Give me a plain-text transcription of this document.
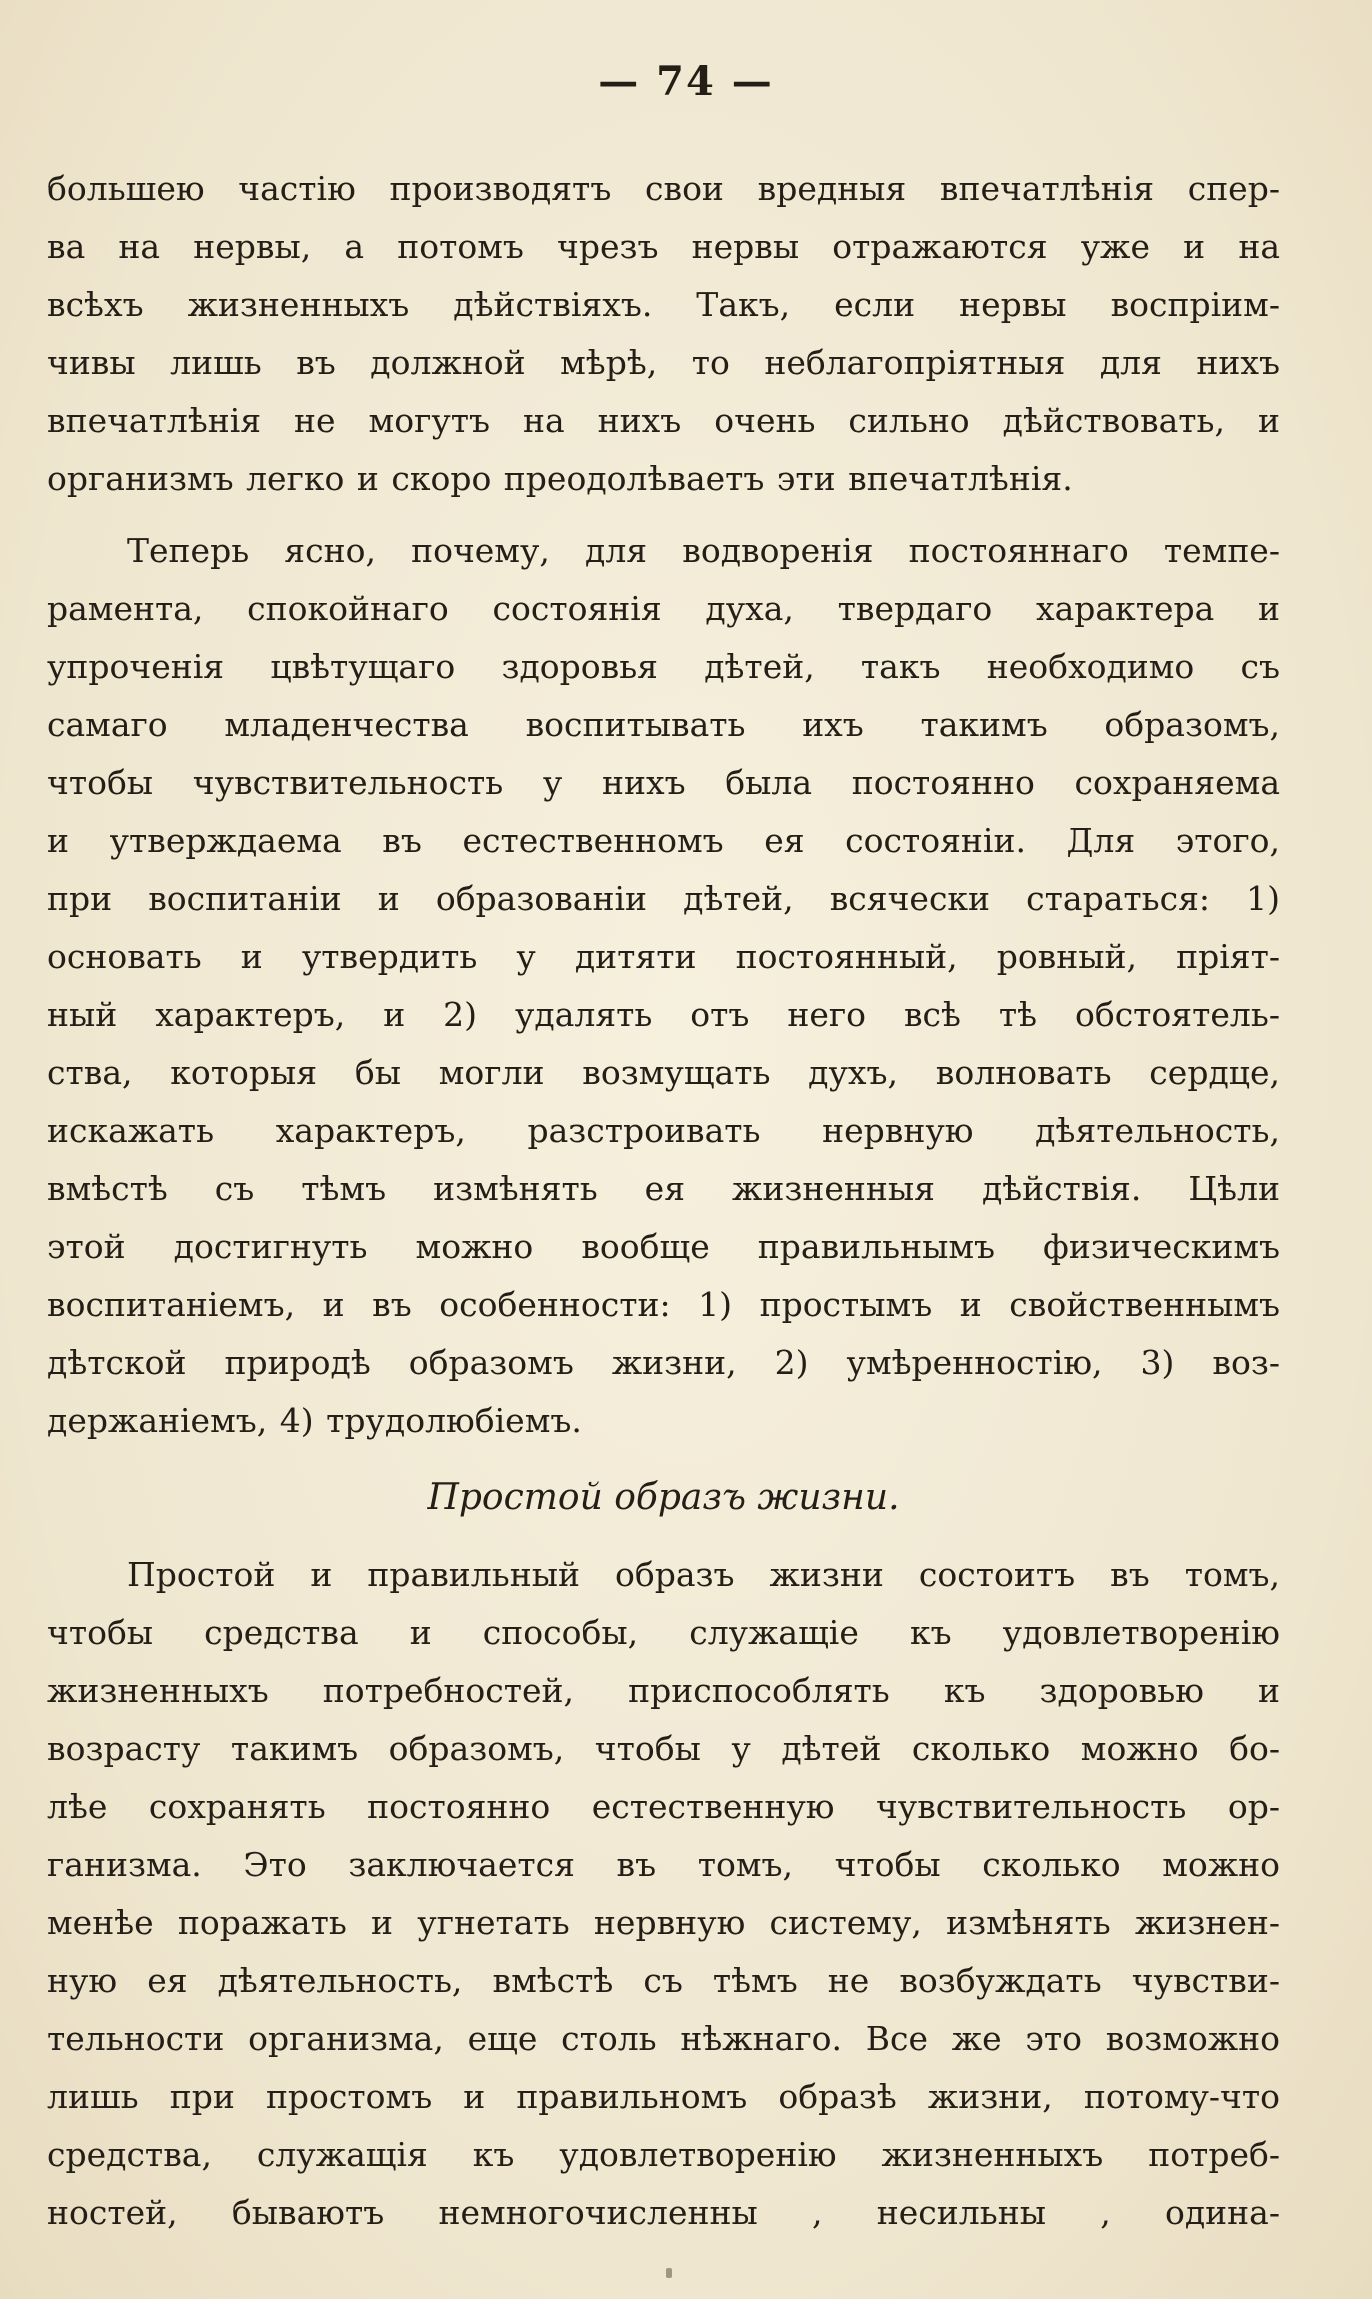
— 74 —
большею частію производятъ свои вредныя впечатлѣнія спер-
ва на нервы, а потомъ чрезъ нервы отражаются уже и на
всѣхъ жизненныхъ дѣйствіяхъ. Такъ, если нервы воспріим-
чивы лишь въ должной мѣрѣ, то неблагопріятныя для нихъ
впечатлѣнія не могутъ на нихъ очень сильно дѣйствовать, и
организмъ легко и скоро преодолѣваетъ эти впечатлѣнія.
Теперь ясно, почему, для водворенія постояннаго темпе-
рамента, спокойнаго состоянія духа, твердаго характера и
упроченія цвѣтущаго здоровья дѣтей, такъ необходимо съ
самаго младенчества воспитывать ихъ такимъ образомъ,
чтобы чувствительность у нихъ была постоянно сохраняема
и утверждаема въ естественномъ ея состояніи. Для этого,
при воспитаніи и образованіи дѣтей, всячески стараться: 1)
основать и утвердить у дитяти постоянный, ровный, пріят-
ный характеръ, и 2) удалять отъ него всѣ тѣ обстоятель-
ства, которыя бы могли возмущать духъ, волновать сердце,
искажать характеръ, разстроивать нервную дѣятельность,
вмѣстѣ съ тѣмъ измѣнять ея жизненныя дѣйствія. Цѣли
этой достигнуть можно вообще правильнымъ физическимъ
воспитаніемъ, и въ особенности: 1) простымъ и свойственнымъ
дѣтской природѣ образомъ жизни, 2) умѣренностію, 3) воз-
держаніемъ, 4) трудолюбіемъ.
Простой образъ жизни.
Простой и правильный образъ жизни состоитъ въ томъ,
чтобы средства и способы, служащіе къ удовлетворенію
жизненныхъ потребностей, приспособлять къ здоровью и
возрасту такимъ образомъ, чтобы у дѣтей сколько можно бо-
лѣе сохранять постоянно естественную чувствительность ор-
ганизма. Это заключается въ томъ, чтобы сколько можно
менѣе поражать и угнетать нервную систему, измѣнять жизнен-
ную ея дѣятельность, вмѣстѣ съ тѣмъ не возбуждать чувстви-
тельности организма, еще столь нѣжнаго. Все же это возможно
лишь при простомъ и правильномъ образѣ жизни, потому-что
средства, служащія къ удовлетворенію жизненныхъ потреб-
ностей, бываютъ немногочисленны , несильны , одина-
